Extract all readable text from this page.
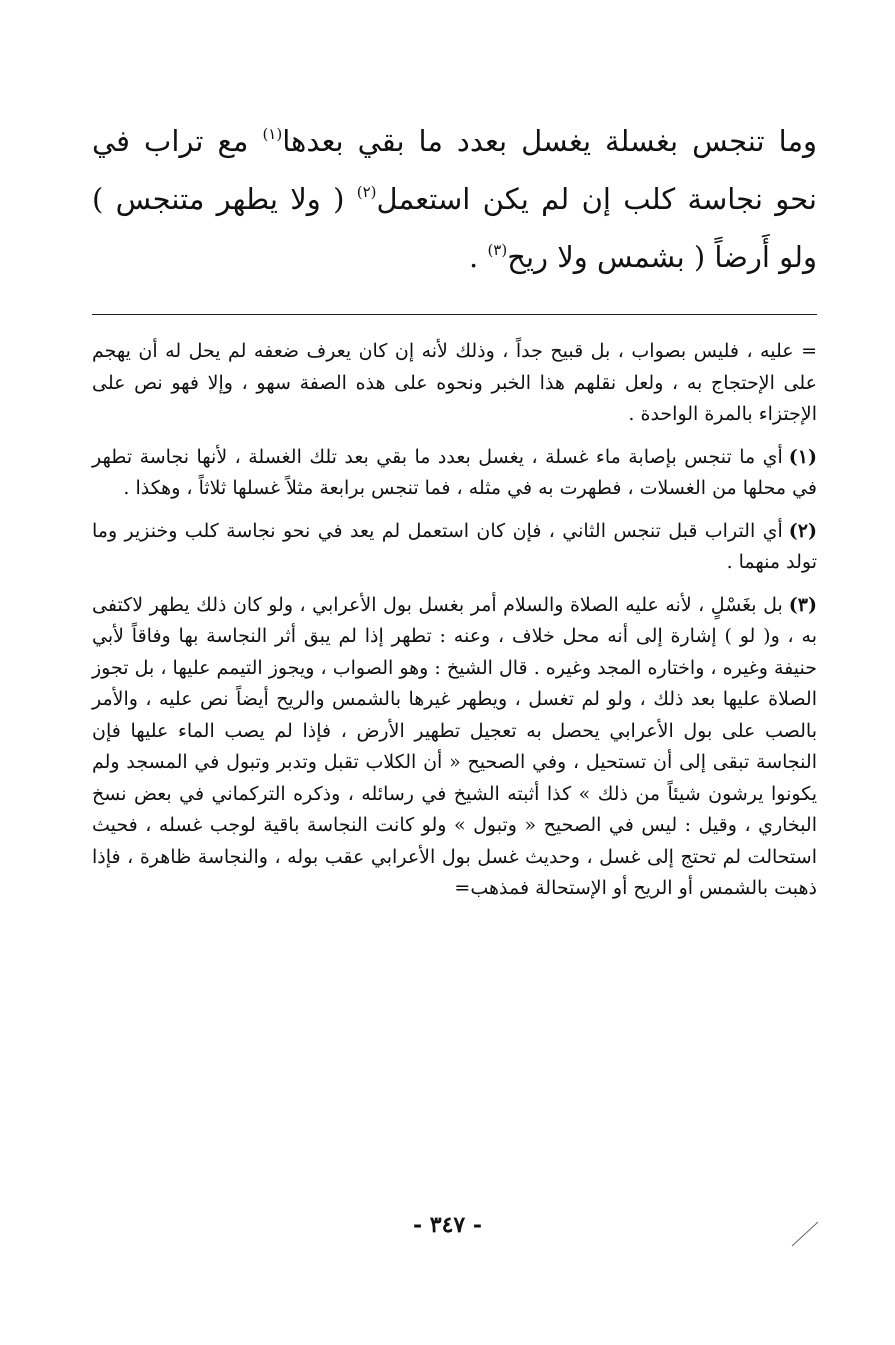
وما تنجس بغسلة يغسل بعدد ما بقي بعدها$^{(١)}$ مع تراب في
نحو نجاسة كلب إن لم يكن استعمل$^{(٢)}$ ( ولا يطهر متنجس )
ولو أَرضاً ( بشمس ولا ريح$^{(٣)}$ .

= عليه ، فليس بصواب ، بل قبيح جداً ، وذلك لأنه إن كان يعرف ضعفه لم يحل له أن يهجم على الإحتجاج به ، ولعل نقلهم هذا الخبر ونحوه على هذه الصفة سهو ، وإلا فهو نص على الإجتزاء بالمرة الواحدة .

(١)أي ما تنجس بإصابة ماء غسلة ، يغسل بعدد ما بقي بعد تلك الغسلة ، لأنها نجاسة تطهر في محلها من الغسلات ، فطهرت به في مثله ، فما تنجس برابعة مثلاً غسلها ثلاثاً ، وهكذا .

(٢)أي التراب قبل تنجس الثاني ، فإن كان استعمل لم يعد في نحو نجاسة كلب وخنزير وما تولد منهما .

(٣)بل بغَسْلٍ ، لأنه عليه الصلاة والسلام أمر بغسل بول الأعرابي ، ولو كان ذلك يطهر لاكتفى به ، و( لو ) إشارة إلى أنه محل خلاف ، وعنه : تطهر إذا لم يبق أثر النجاسة بها وفاقاً لأبي حنيفة وغيره ، واختاره المجد وغيره . قال الشيخ : وهو الصواب ، ويجوز التيمم عليها ، بل تجوز الصلاة عليها بعد ذلك ، ولو لم تغسل ، ويطهر غيرها بالشمس والريح أيضاً نص عليه ، والأمر بالصب على بول الأعرابي يحصل به تعجيل تطهير الأرض ، فإذا لم يصب الماء عليها فإن النجاسة تبقى إلى أن تستحيل ، وفي الصحيح « أن الكلاب تقبل وتدبر وتبول في المسجد ولم يكونوا يرشون شيئاً من ذلك » كذا أثبته الشيخ في رسائله ، وذكره التركماني في بعض نسخ البخاري ، وقيل : ليس في الصحيح « وتبول » ولو كانت النجاسة باقية لوجب غسله ، فحيث استحالت لم تحتج إلى غسل ، وحديث غسل بول الأعرابي عقب بوله ، والنجاسة ظاهرة ، فإذا ذهبت بالشمس أو الريح أو الإستحالة فمذهب=

- ٣٤٧ -
